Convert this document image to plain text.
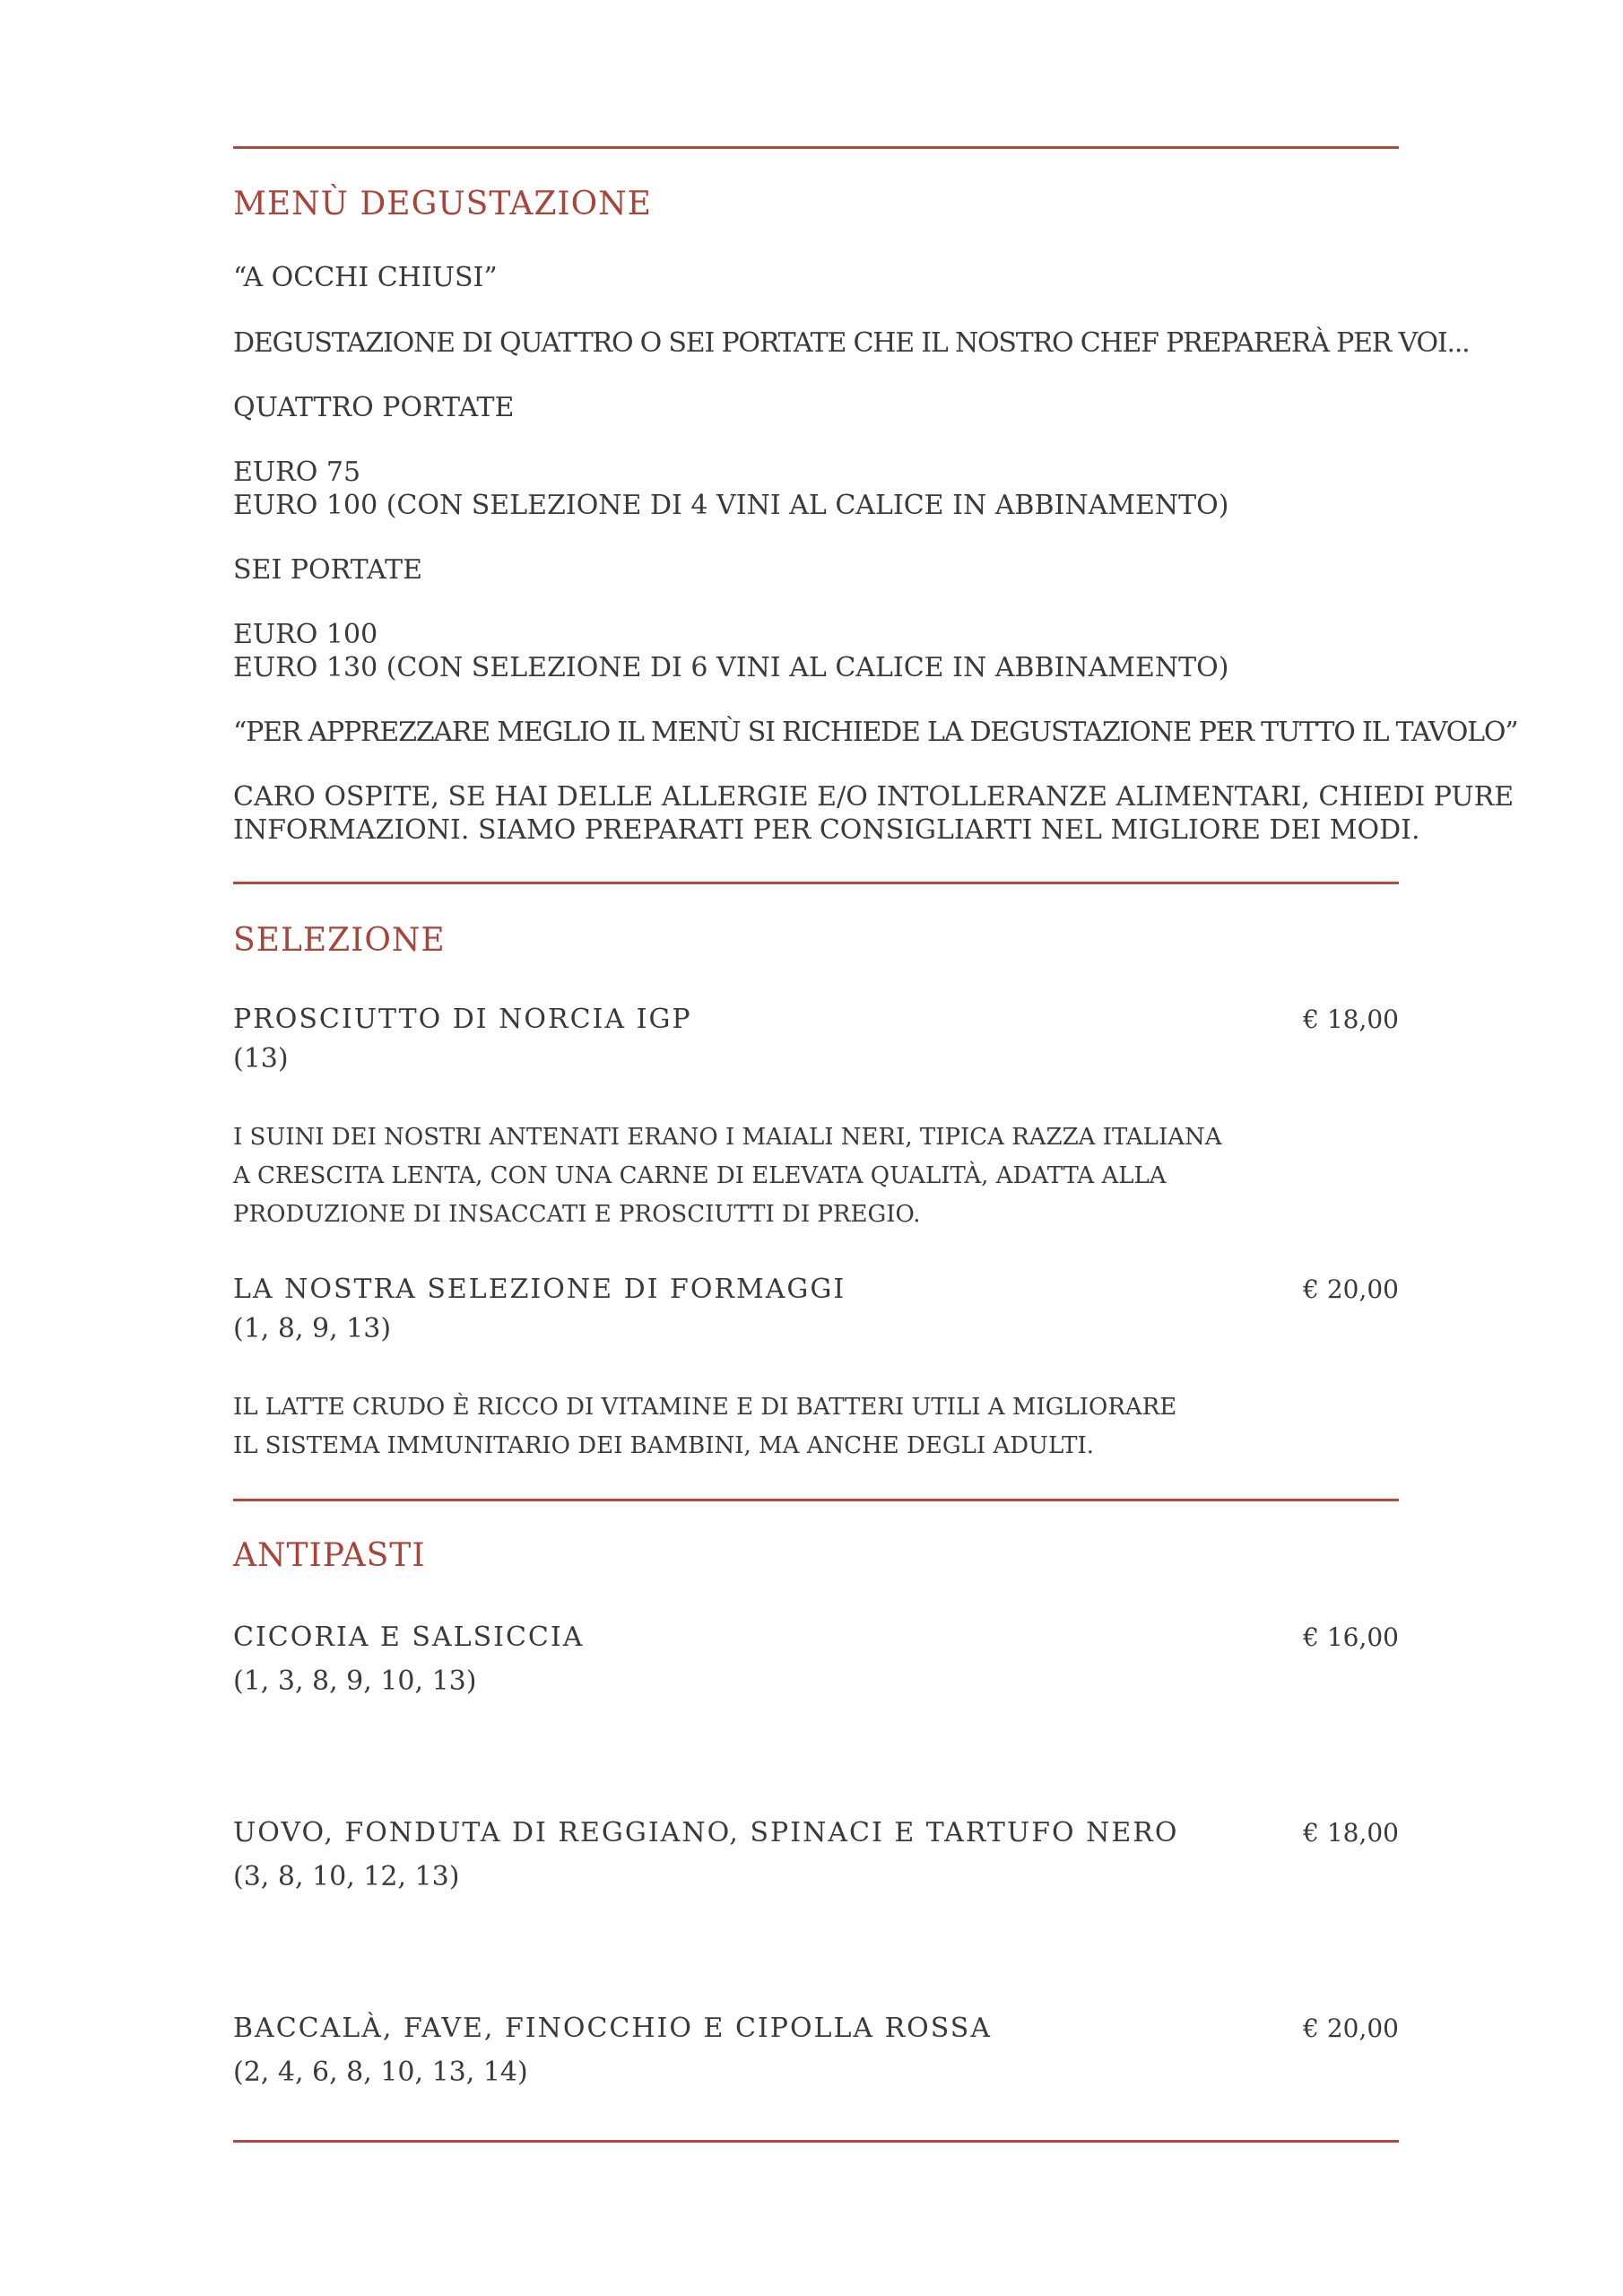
MENÙ DEGUSTAZIONE
“A OCCHI CHIUSI”
DEGUSTAZIONE DI QUATTRO O SEI PORTATE CHE IL NOSTRO CHEF PREPARERÀ PER VOI...
QUATTRO PORTATE
EURO 75
EURO 100 (CON SELEZIONE DI 4 VINI AL CALICE IN ABBINAMENTO)
SEI PORTATE
EURO 100
EURO 130 (CON SELEZIONE DI 6 VINI AL CALICE IN ABBINAMENTO)
“PER APPREZZARE MEGLIO IL MENÙ SI RICHIEDE LA DEGUSTAZIONE PER TUTTO IL TAVOLO”
CARO OSPITE, SE HAI DELLE ALLERGIE E/O INTOLLERANZE ALIMENTARI, CHIEDI PURE
INFORMAZIONI. SIAMO PREPARATI PER CONSIGLIARTI NEL MIGLIORE DEI MODI.
SELEZIONE
PROSCIUTTO DI NORCIA IGP	€ 18,00
(13)
I SUINI DEI NOSTRI ANTENATI ERANO I MAIALI NERI, TIPICA RAZZA ITALIANA
A CRESCITA LENTA, CON UNA CARNE DI ELEVATA QUALITÀ, ADATTA ALLA
PRODUZIONE DI INSACCATI E PROSCIUTTI DI PREGIO.
LA NOSTRA SELEZIONE DI FORMAGGI	€ 20,00
(1, 8, 9, 13)
IL LATTE CRUDO È RICCO DI VITAMINE E DI BATTERI UTILI A MIGLIORARE
IL SISTEMA IMMUNITARIO DEI BAMBINI, MA ANCHE DEGLI ADULTI.
ANTIPASTI
CICORIA E SALSICCIA	€ 16,00
(1, 3, 8, 9, 10, 13)
UOVO, FONDUTA DI REGGIANO, SPINACI E TARTUFO NERO	€ 18,00
(3, 8, 10, 12, 13)
BACCALÀ, FAVE, FINOCCHIO E CIPOLLA ROSSA	€ 20,00
(2, 4, 6, 8, 10, 13, 14)
